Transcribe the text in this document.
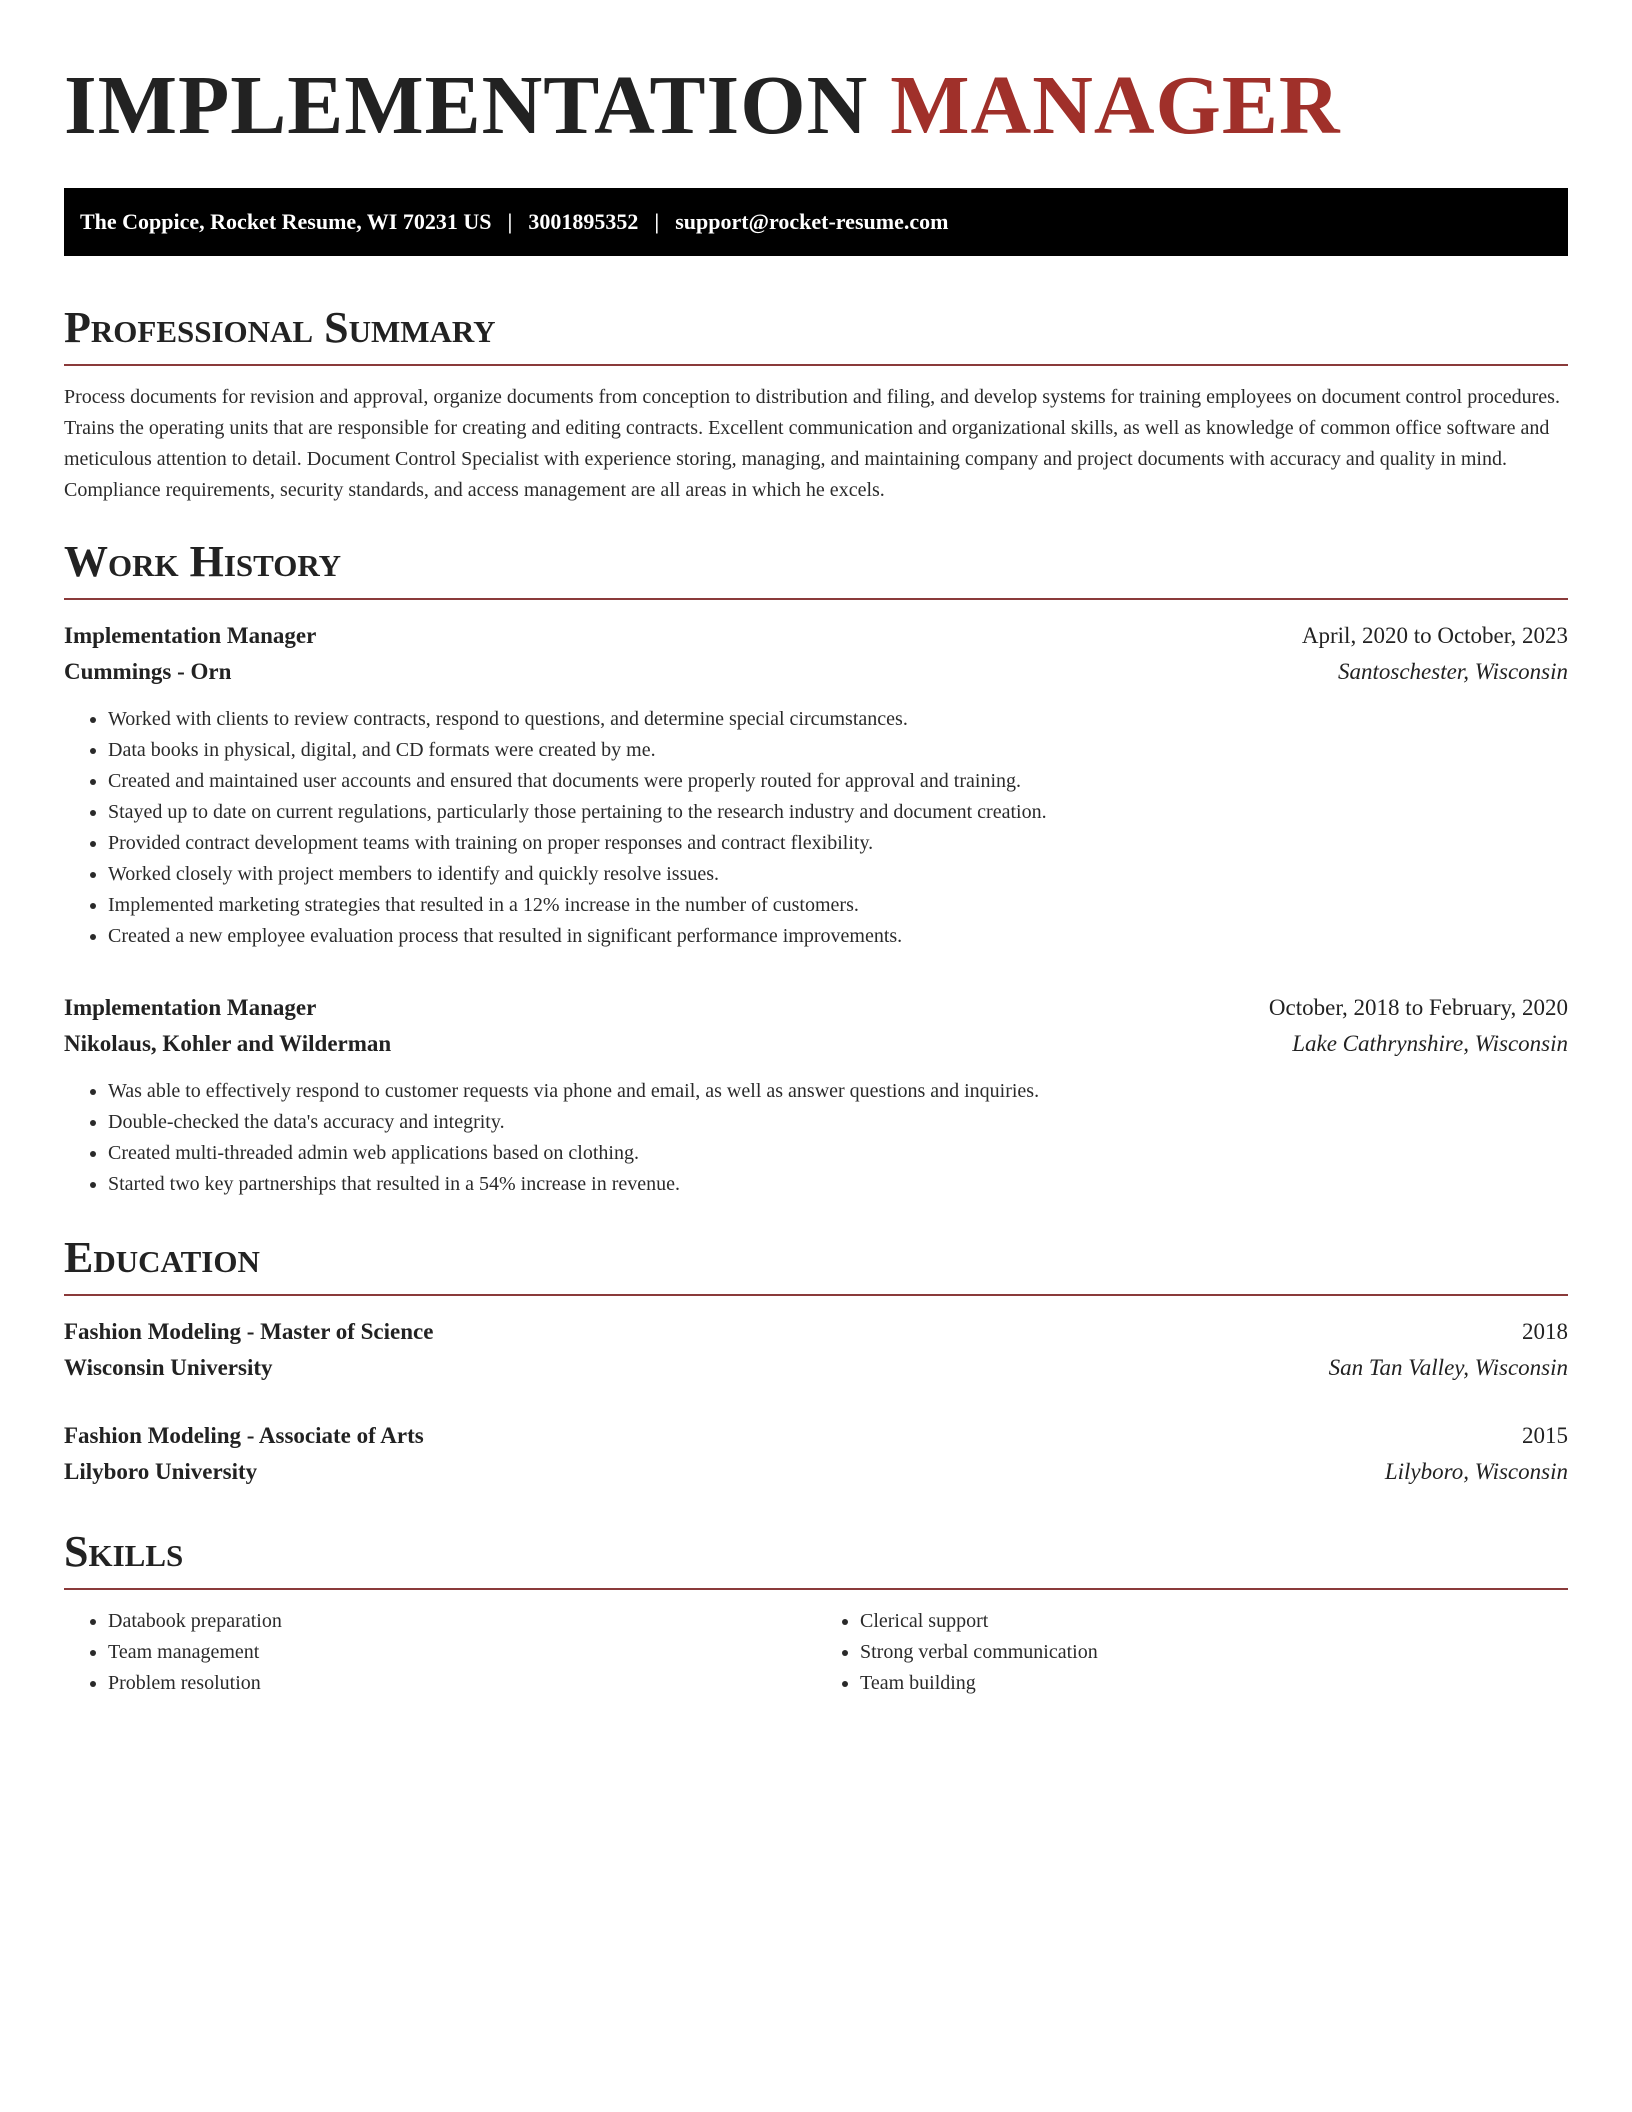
IMPLEMENTATION MANAGER
The Coppice, Rocket Resume, WI 70231 US | 3001895352 | support@rocket-resume.com
Professional Summary

Process documents for revision and approval, organize documents from conception to distribution and filing, and develop systems for training employees on document control procedures. Trains the operating units that are responsible for creating and editing contracts. Excellent communication and organizational skills, as well as knowledge of common office software and meticulous attention to detail. Document Control Specialist with experience storing, managing, and maintaining company and project documents with accuracy and quality in mind. Compliance requirements, security standards, and access management are all areas in which he excels.

Work History
Implementation Manager	April, 2020 to October, 2023
Cummings - Orn	Santoschester, Wisconsin
• Worked with clients to review contracts, respond to questions, and determine special circumstances.
• Data books in physical, digital, and CD formats were created by me.
• Created and maintained user accounts and ensured that documents were properly routed for approval and training.
• Stayed up to date on current regulations, particularly those pertaining to the research industry and document creation.
• Provided contract development teams with training on proper responses and contract flexibility.
• Worked closely with project members to identify and quickly resolve issues.
• Implemented marketing strategies that resulted in a 12% increase in the number of customers.
• Created a new employee evaluation process that resulted in significant performance improvements.
Implementation Manager	October, 2018 to February, 2020
Nikolaus, Kohler and Wilderman	Lake Cathrynshire, Wisconsin
• Was able to effectively respond to customer requests via phone and email, as well as answer questions and inquiries.
• Double-checked the data's accuracy and integrity.
• Created multi-threaded admin web applications based on clothing.
• Started two key partnerships that resulted in a 54% increase in revenue.
Education
Fashion Modeling - Master of Science	2018
Wisconsin University	San Tan Valley, Wisconsin
Fashion Modeling - Associate of Arts	2015
Lilyboro University	Lilyboro, Wisconsin
Skills
• Databook preparation
• Team management
• Problem resolution
• Clerical support
• Strong verbal communication
• Team building
